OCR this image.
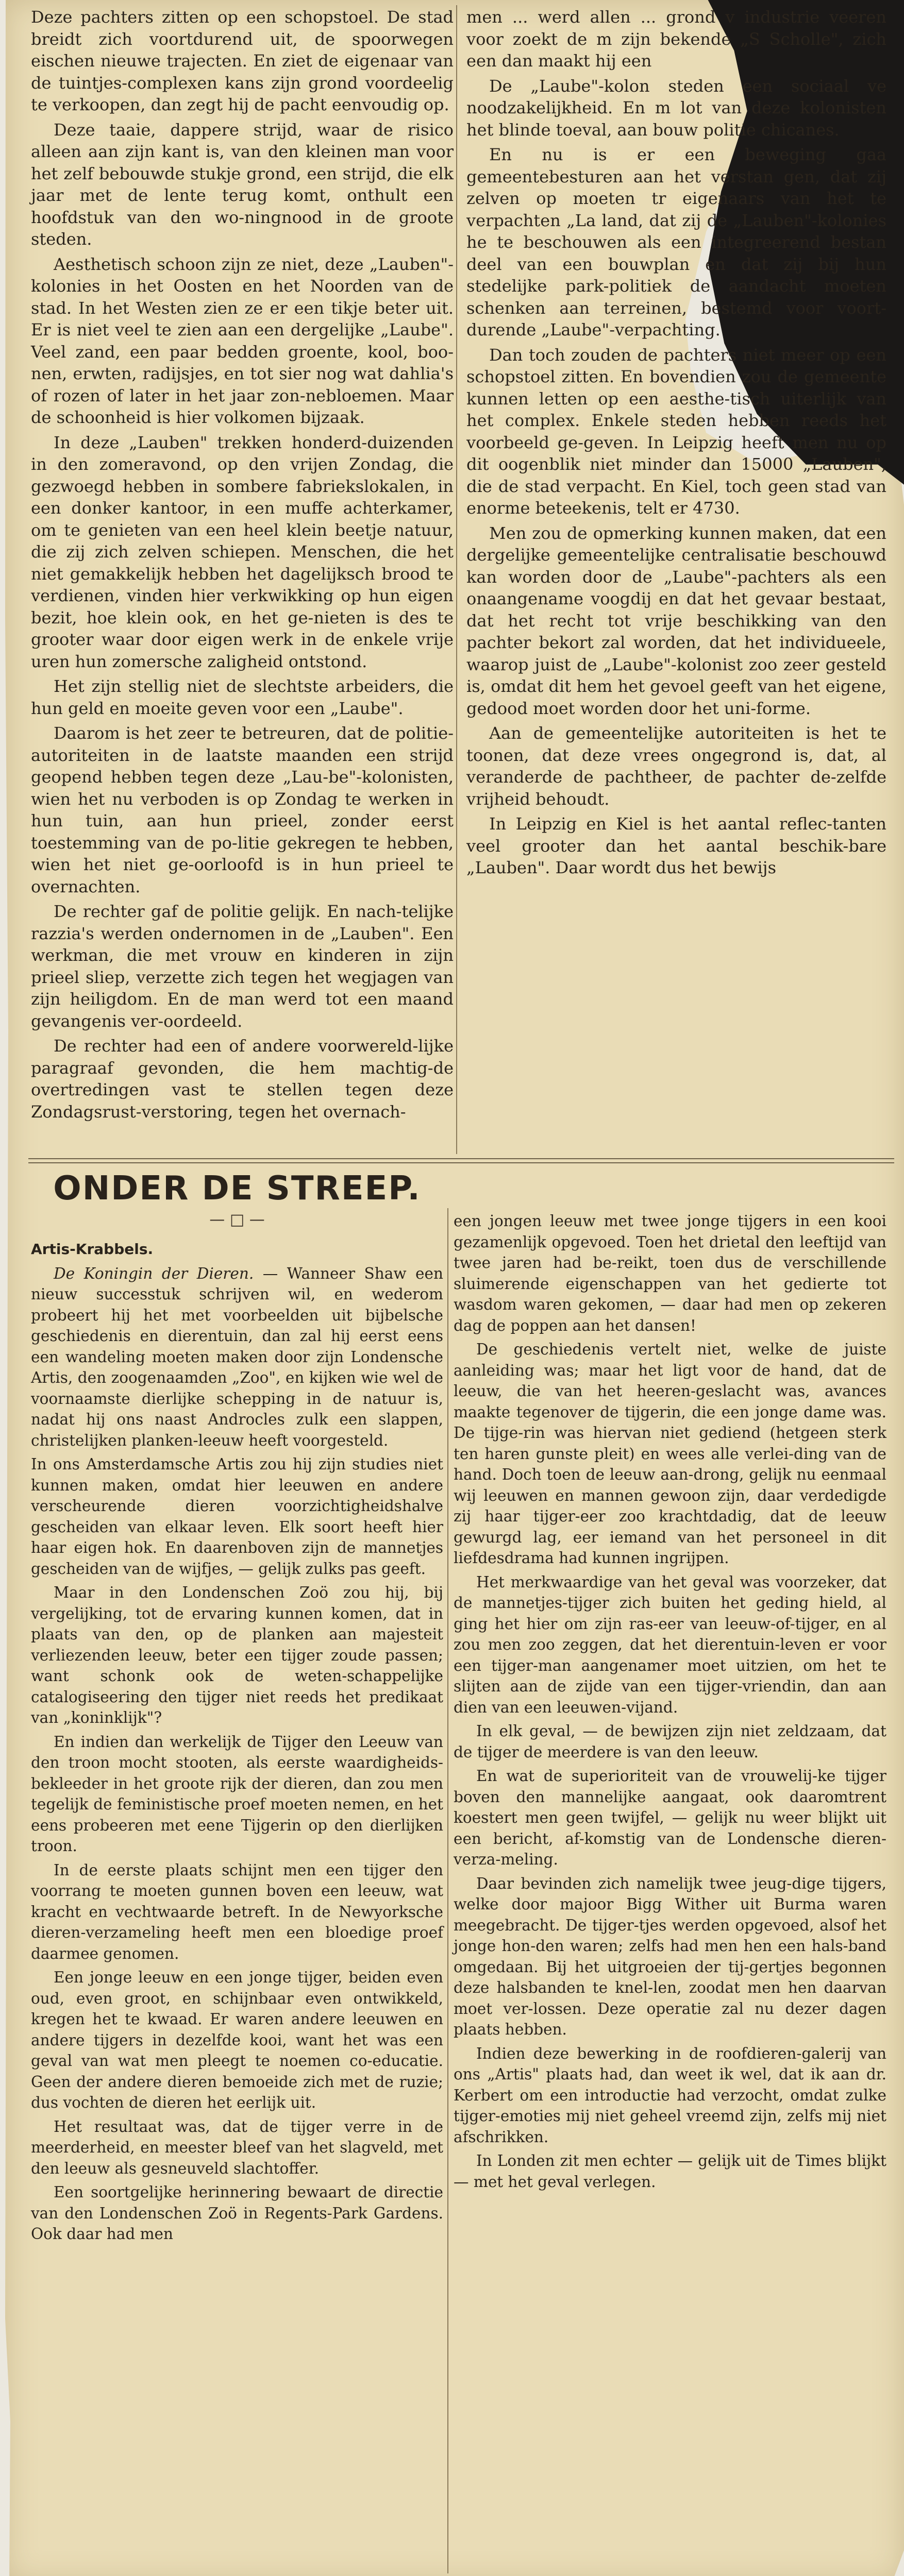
Deze pachters zitten op een schopstoel. De stad breidt zich voortdurend uit, de spoorwegen eischen nieuwe trajecten. En ziet de eigenaar van de tuintjes-complexen kans zijn grond voordeelig te verkoopen, dan zegt hij de pacht eenvoudig op.

Deze taaie, dappere strijd, waar de risico alleen aan zijn kant is, van den kleinen man voor het zelf bebouwde stukje grond, een strijd, die elk jaar met de lente terug komt, onthult een hoofdstuk van den wo-ningnood in de groote steden.

Aesthetisch schoon zijn ze niet, deze „Lauben"-kolonies in het Oosten en het Noorden van de stad. In het Westen zien ze er een tikje beter uit. Er is niet veel te zien aan een dergelijke „Laube". Veel zand, een paar bedden groente, kool, boo-nen, erwten, radijsjes, en tot sier nog wat dahlia's of rozen of later in het jaar zon-nebloemen. Maar de schoonheid is hier volkomen bijzaak.

In deze „Lauben" trekken honderd-duizenden in den zomeravond, op den vrijen Zondag, die gezwoegd hebben in sombere fabriekslokalen, in een donker kantoor, in een muffe achterkamer, om te genieten van een heel klein beetje natuur, die zij zich zelven schiepen. Menschen, die het niet gemakkelijk hebben het dagelijksch brood te verdienen, vinden hier verkwikking op hun eigen bezit, hoe klein ook, en het ge-nieten is des te grooter waar door eigen werk in de enkele vrije uren hun zomersche zaligheid ontstond.

Het zijn stellig niet de slechtste arbeiders, die hun geld en moeite geven voor een „Laube".

Daarom is het zeer te betreuren, dat de politie-autoriteiten in de laatste maanden een strijd geopend hebben tegen deze „Lau-be"-kolonisten, wien het nu verboden is op Zondag te werken in hun tuin, aan hun prieel, zonder eerst toestemming van de po-litie gekregen te hebben, wien het niet ge-oorloofd is in hun prieel te overnachten.

De rechter gaf de politie gelijk. En nach-telijke razzia's werden ondernomen in de „Lauben". Een werkman, die met vrouw en kinderen in zijn prieel sliep, verzette zich tegen het wegjagen van zijn heiligdom. En de man werd tot een maand gevangenis ver-oordeeld.

De rechter had een of andere voorwereld-lijke paragraaf gevonden, die hem machtig-de overtredingen vast te stellen tegen deze Zondagsrust-verstoring, tegen het overnach-

men ... werd allen ... grond v industrie veeren voor zoekt de m zijn bekende „S Scholle", zich een dan maakt hij een

De „Laube"-kolon steden een sociaal ve noodzakelijkheid. En m lot van deze kolonisten het blinde toeval, aan bouw politie chicanes.

En nu is er een beweging gaa gemeentebesturen aan het verstan gen, dat zij zelven op moeten tr eigenaars van het te verpachten „La land, dat zij de „Lauben"-kolonies he te beschouwen als een integreerend bestan deel van een bouwplan en dat zij bij hun stedelijke park-politiek de aandacht moeten schenken aan terreinen, bestemd voor voort-durende „Laube"-verpachting.

Dan toch zouden de pachters niet meer op een schopstoel zitten. En bovendien zou de gemeente kunnen letten op een aesthe-tisch uiterlijk van het complex. Enkele steden hebben reeds het voorbeeld ge-geven. In Leipzig heeft men nu op dit oogenblik niet minder dan 15000 „Lauben", die de stad verpacht. En Kiel, toch geen stad van enorme beteekenis, telt er 4730.

Men zou de opmerking kunnen maken, dat een dergelijke gemeentelijke centralisatie beschouwd kan worden door de „Laube"-pachters als een onaangename voogdij en dat het gevaar bestaat, dat het recht tot vrije beschikking van den pachter bekort zal worden, dat het individueele, waarop juist de „Laube"-kolonist zoo zeer gesteld is, omdat dit hem het gevoel geeft van het eigene, gedood moet worden door het uni-forme.

Aan de gemeentelijke autoriteiten is het te toonen, dat deze vrees ongegrond is, dat, al veranderde de pachtheer, de pachter de-zelfde vrijheid behoudt.

In Leipzig en Kiel is het aantal reflec-tanten veel grooter dan het aantal beschik-bare „Lauben". Daar wordt dus het bewijs

ONDER DE STREEP.
— □ —
Artis-Krabbels.

De Koningin der Dieren. — Wanneer Shaw een nieuw successtuk schrijven wil, en wederom probeert hij het met voorbeelden uit bijbelsche geschiedenis en dierentuin, dan zal hij eerst eens een wandeling moeten maken door zijn Londensche Artis, den zoogenaamden „Zoo", en kijken wie wel de voornaamste dierlijke schepping in de natuur is, nadat hij ons naast Androcles zulk een slappen, christelijken planken-leeuw heeft voorgesteld.

In ons Amsterdamsche Artis zou hij zijn studies niet kunnen maken, omdat hier leeuwen en andere verscheurende dieren voorzichtigheidshalve gescheiden van elkaar leven. Elk soort heeft hier haar eigen hok. En daarenboven zijn de mannetjes gescheiden van de wijfjes, — gelijk zulks pas geeft.

Maar in den Londenschen Zoö zou hij, bij vergelijking, tot de ervaring kunnen komen, dat in plaats van den, op de planken aan majesteit verliezenden leeuw, beter een tijger zoude passen; want schonk ook de weten-schappelijke catalogiseering den tijger niet reeds het predikaat van „koninklijk"?

En indien dan werkelijk de Tijger den Leeuw van den troon mocht stooten, als eerste waardigheids-bekleeder in het groote rijk der dieren, dan zou men tegelijk de feministische proef moeten nemen, en het eens probeeren met eene Tijgerin op den dierlijken troon.

In de eerste plaats schijnt men een tijger den voorrang te moeten gunnen boven een leeuw, wat kracht en vechtwaarde betreft. In de Newyorksche dieren-verzameling heeft men een bloedige proef daarmee genomen.

Een jonge leeuw en een jonge tijger, beiden even oud, even groot, en schijnbaar even ontwikkeld, kregen het te kwaad. Er waren andere leeuwen en andere tijgers in dezelfde kooi, want het was een geval van wat men pleegt te noemen co-educatie. Geen der andere dieren bemoeide zich met de ruzie; dus vochten de dieren het eerlijk uit.

Het resultaat was, dat de tijger verre in de meerderheid, en meester bleef van het slagveld, met den leeuw als gesneuveld slachtoffer.

Een soortgelijke herinnering bewaart de directie van den Londenschen Zoö in Regents-Park Gardens. Ook daar had men

een jongen leeuw met twee jonge tijgers in een kooi gezamenlijk opgevoed. Toen het drietal den leeftijd van twee jaren had be-reikt, toen dus de verschillende sluimerende eigenschappen van het gedierte tot wasdom waren gekomen, — daar had men op zekeren dag de poppen aan het dansen!

De geschiedenis vertelt niet, welke de juiste aanleiding was; maar het ligt voor de hand, dat de leeuw, die van het heeren-geslacht was, avances maakte tegenover de tijgerin, die een jonge dame was. De tijge-rin was hiervan niet gediend (hetgeen sterk ten haren gunste pleit) en wees alle verlei-ding van de hand. Doch toen de leeuw aan-drong, gelijk nu eenmaal wij leeuwen en mannen gewoon zijn, daar verdedigde zij haar tijger-eer zoo krachtdadig, dat de leeuw gewurgd lag, eer iemand van het personeel in dit liefdesdrama had kunnen ingrijpen.

Het merkwaardige van het geval was voorzeker, dat de mannetjes-tijger zich buiten het geding hield, al ging het hier om zijn ras-eer van leeuw-of-tijger, en al zou men zoo zeggen, dat het dierentuin-leven er voor een tijger-man aangenamer moet uitzien, om het te slijten aan de zijde van een tijger-vriendin, dan aan dien van een leeuwen-vijand.

In elk geval, — de bewijzen zijn niet zeldzaam, dat de tijger de meerdere is van den leeuw.

En wat de superioriteit van de vrouwelij-ke tijger boven den mannelijke aangaat, ook daaromtrent koestert men geen twijfel, — gelijk nu weer blijkt uit een bericht, af-komstig van de Londensche dieren-verza-meling.

Daar bevinden zich namelijk twee jeug-dige tijgers, welke door majoor Bigg Wither uit Burma waren meegebracht. De tijger-tjes werden opgevoed, alsof het jonge hon-den waren; zelfs had men hen een hals-band omgedaan. Bij het uitgroeien der tij-gertjes begonnen deze halsbanden te knel-len, zoodat men hen daarvan moet ver-lossen. Deze operatie zal nu dezer dagen plaats hebben.

Indien deze bewerking in de roofdieren-galerij van ons „Artis" plaats had, dan weet ik wel, dat ik aan dr. Kerbert om een introductie had verzocht, omdat zulke tijger-emoties mij niet geheel vreemd zijn, zelfs mij niet afschrikken.

In Londen zit men echter — gelijk uit de Times blijkt — met het geval verlegen.
